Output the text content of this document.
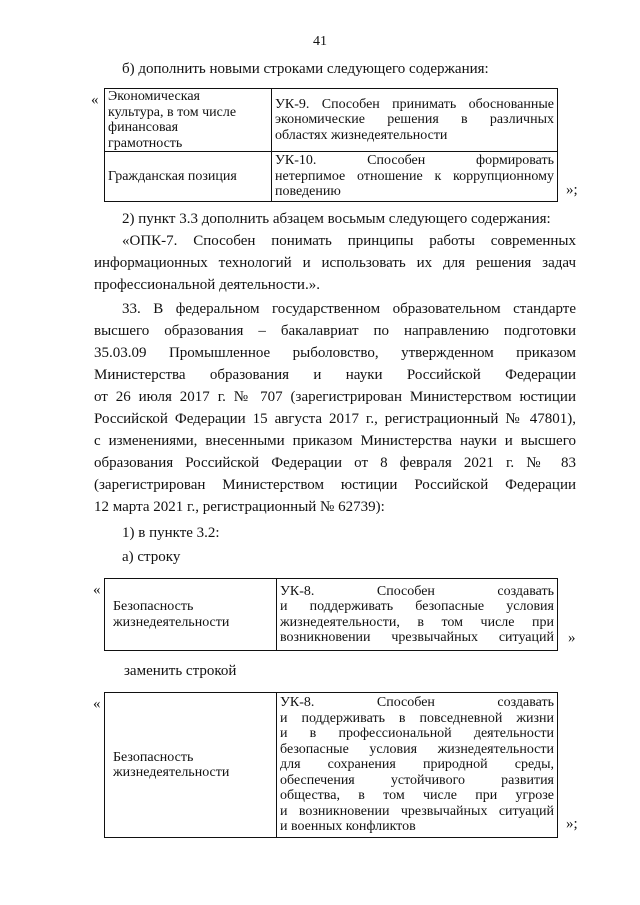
41
б) дополнить новыми строками следующего содержания:
« Экономическая
культура, в том числе
финансовая
грамотность	УК-9. Способен принимать обоснованные
экономические решения в различных
областях жизнедеятельности

Гражданская позиция	УК-10. Способен формировать
нетерпимое отношение к коррупционному
поведению	»;
2) пункт 3.3 дополнить абзацем восьмым следующего содержания:
«ОПК-7. Способен понимать принципы работы современных
информационных технологий и использовать их для решения задач
профессиональной деятельности.».
33. В федеральном государственном образовательном стандарте
высшего образования – бакалавриат по направлению подготовки
35.03.09 Промышленное рыболовство, утвержденном приказом
Министерства образования и науки Российской Федерации
от 26 июля 2017 г. № 707 (зарегистрирован Министерством юстиции
Российской Федерации 15 августа 2017 г., регистрационный № 47801),
с изменениями, внесенными приказом Министерства науки и высшего
образования Российской Федерации от 8 февраля 2021 г. № 83
(зарегистрирован Министерством юстиции Российской Федерации
12 марта 2021 г., регистрационный № 62739):
1) в пункте 3.2:
а) строку
«
Безопасность
жизнедеятельности

УК-8. Способен создавать
и поддерживать безопасные условия
жизнедеятельности, в том числе при
возникновении чрезвычайных ситуаций »
заменить строкой
«
Безопасность
жизнедеятельности

УК-8. Способен создавать
и поддерживать в повседневной жизни
и в профессиональной деятельности
безопасные условия жизнедеятельности
для сохранения природной среды,
обеспечения устойчивого развития
общества, в том числе при угрозе
и возникновении чрезвычайных ситуаций
и военных конфликтов	»;
